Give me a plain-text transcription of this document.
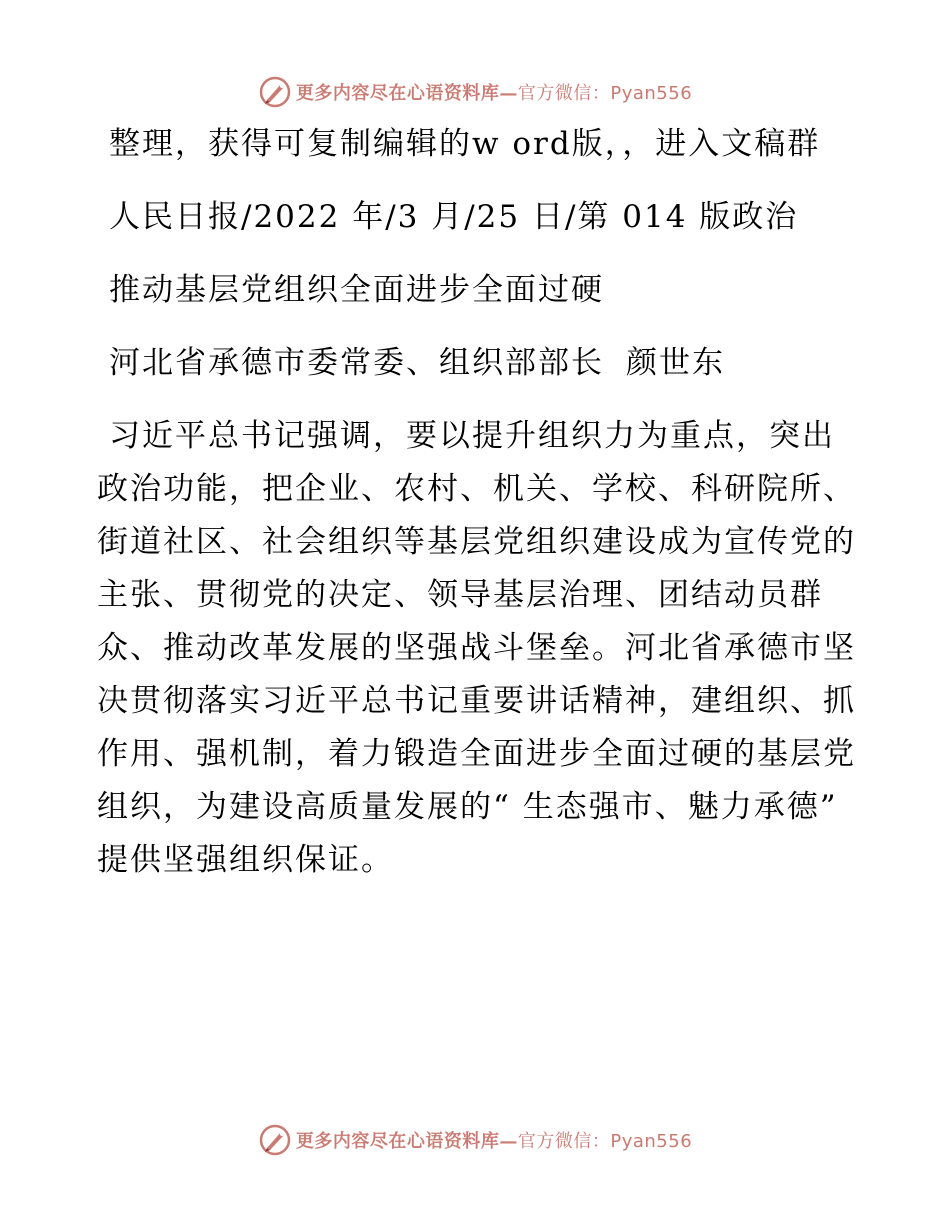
更多内容尽在心语资料库—官方微信：Pyan556

整理，获得可复制编辑的w ord版，，进入文稿群

人民日报/2022 年/3 月/25 日/第 014 版政治

推动基层党组织全面进步全面过硬

河北省承德市委常委、组织部部长 颜世东

习近平总书记强调，要以提升组织力为重点，突出政治功能，把企业、农村、机关、学校、科研院所、街道社区、社会组织等基层党组织建设成为宣传党的主张、贯彻党的决定、领导基层治理、团结动员群众、推动改革发展的坚强战斗堡垒。河北省承德市坚决贯彻落实习近平总书记重要讲话精神，建组织、抓作用、强机制，着力锻造全面进步全面过硬的基层党组织，为建设高质量发展的“ 生态强市、魅力承德” 提供坚强组织保证。

更多内容尽在心语资料库—官方微信：Pyan556
